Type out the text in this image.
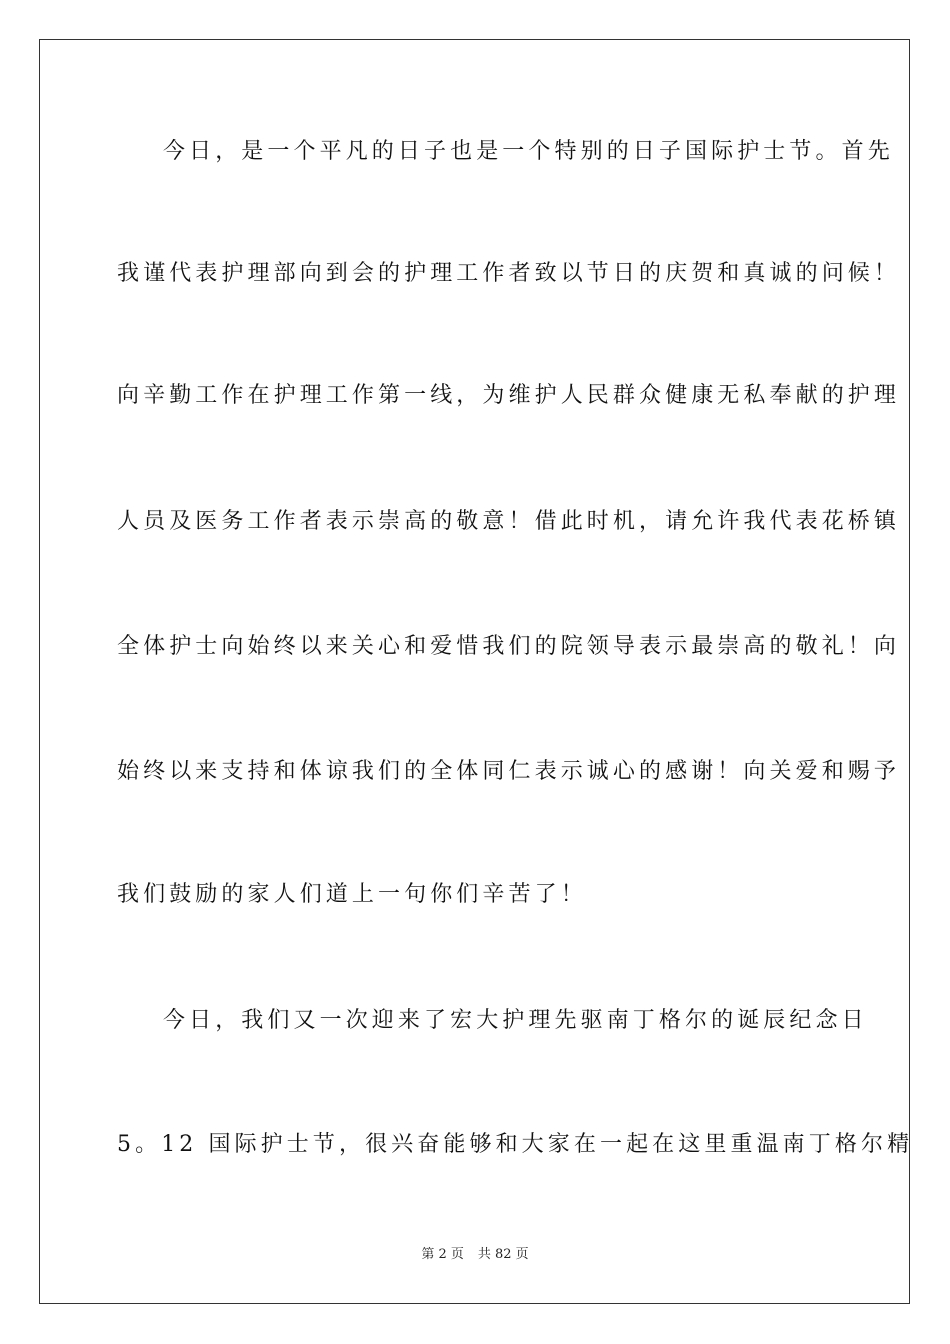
今日，是一个平凡的日子也是一个特别的日子国际护士节。首先
我谨代表护理部向到会的护理工作者致以节日的庆贺和真诚的问候！
向辛勤工作在护理工作第一线，为维护人民群众健康无私奉献的护理
人员及医务工作者表示崇高的敬意！借此时机，请允许我代表花桥镇
全体护士向始终以来关心和爱惜我们的院领导表示最崇高的敬礼！向
始终以来支持和体谅我们的全体同仁表示诚心的感谢！向关爱和赐予
我们鼓励的家人们道上一句你们辛苦了！
今日，我们又一次迎来了宏大护理先驱南丁格尔的诞辰纪念日
5。12 国际护士节，很兴奋能够和大家在一起在这里重温南丁格尔精
第 2 页 共 82 页
